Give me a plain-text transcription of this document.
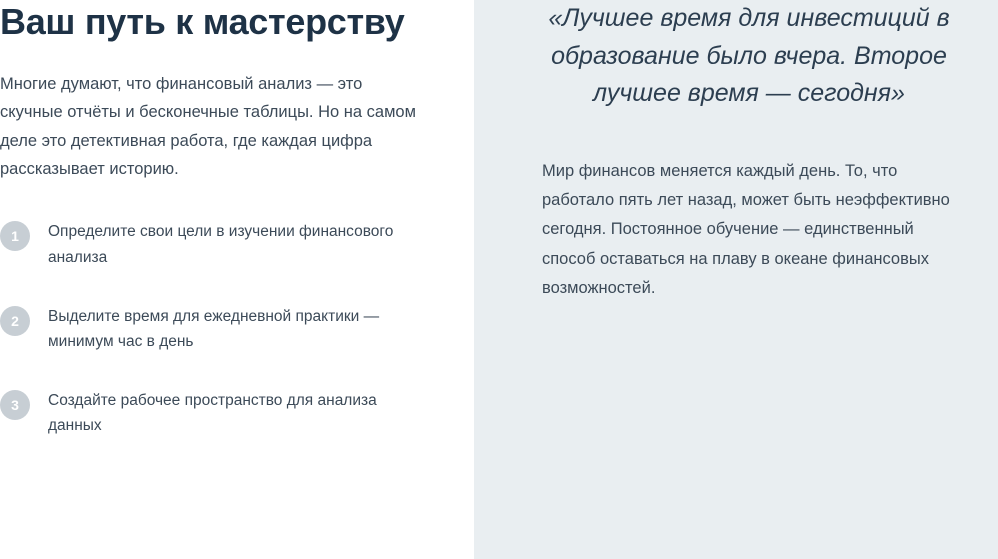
Ваш путь к мастерству

Многие думают, что финансовый анализ — это скучные отчёты и бесконечные таблицы. Но на самом деле это детективная работа, где каждая цифра рассказывает историю.

1	Определите свои цели в изучении финансового анализа
2	Выделите время для ежедневной практики — минимум час в день
3	Создайте рабочее пространство для анализа данных
«Лучшее время для инвестиций в образование было вчера. Второе лучшее время — сегодня»

Мир финансов меняется каждый день. То, что работало пять лет назад, может быть неэффективно сегодня. Постоянное обучение — единственный способ оставаться на плаву в океане финансовых возможностей.
